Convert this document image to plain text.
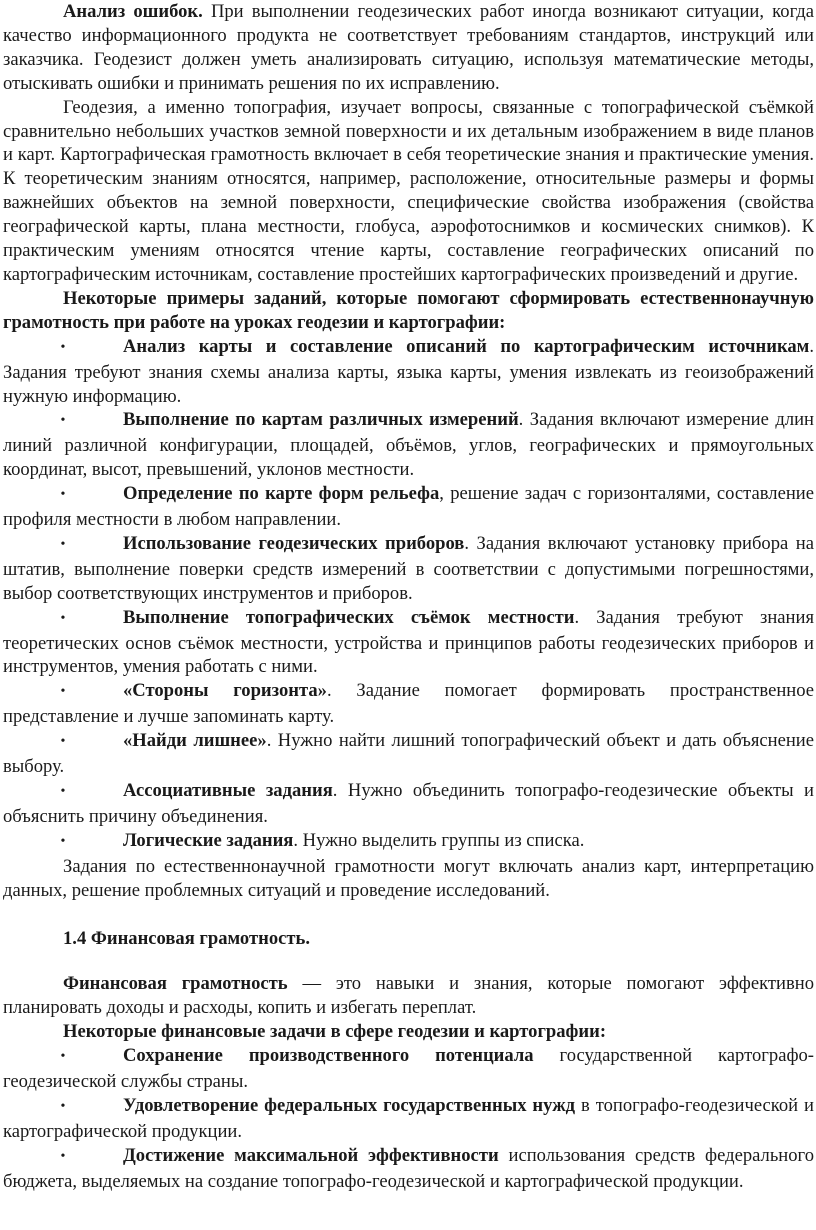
Анализ ошибок. При выполнении геодезических работ иногда возникают ситуации, когда качество информационного продукта не соответствует требованиям стандартов, инструкций или заказчика. Геодезист должен уметь анализировать ситуацию, используя математические методы, отыскивать ошибки и принимать решения по их исправлению.

Геодезия, а именно топография, изучает вопросы, связанные с топографической съёмкой сравнительно небольших участков земной поверхности и их детальным изображением в виде планов и карт. Картографическая грамотность включает в себя теоретические знания и практические умения. К теоретическим знаниям относятся, например, расположение, относительные размеры и формы важнейших объектов на земной поверхности, специфические свойства изображения (свойства географической карты, плана местности, глобуса, аэрофотоснимков и космических снимков). К практическим умениям относятся чтение карты, составление географических описаний по картографическим источникам, составление простейших картографических произведений и другие.

Некоторые примеры заданий, которые помогают сформировать естественнонаучную грамотность при работе на уроках геодезии и картографии:

•Анализ карты и составление описаний по картографическим источникам. Задания требуют знания схемы анализа карты, языка карты, умения извлекать из геоизображений нужную информацию.

•Выполнение по картам различных измерений. Задания включают измерение длин линий различной конфигурации, площадей, объёмов, углов, географических и прямоугольных координат, высот, превышений, уклонов местности.

•Определение по карте форм рельефа, решение задач с горизонталями, составление профиля местности в любом направлении.

•Использование геодезических приборов. Задания включают установку прибора на штатив, выполнение поверки средств измерений в соответствии с допустимыми погрешностями, выбор соответствующих инструментов и приборов.

•Выполнение топографических съёмок местности. Задания требуют знания теоретических основ съёмок местности, устройства и принципов работы геодезических приборов и инструментов, умения работать с ними.

•«Стороны горизонта». Задание помогает формировать пространственное представление и лучше запоминать карту.

•«Найди лишнее». Нужно найти лишний топографический объект и дать объяснение выбору.

•Ассоциативные задания. Нужно объединить топографо-геодезические объекты и объяснить причину объединения.

•Логические задания. Нужно выделить группы из списка.

Задания по естественнонаучной грамотности могут включать анализ карт, интерпретацию данных, решение проблемных ситуаций и проведение исследований.

1.4 Финансовая грамотность.

Финансовая грамотность — это навыки и знания, которые помогают эффективно планировать доходы и расходы, копить и избегать переплат.

Некоторые финансовые задачи в сфере геодезии и картографии:

•Сохранение производственного потенциала государственной картографо-геодезической службы страны.

•Удовлетворение федеральных государственных нужд в топографо-геодезической и картографической продукции.

•Достижение максимальной эффективности использования средств федерального бюджета, выделяемых на создание топографо-геодезической и картографической продукции.
